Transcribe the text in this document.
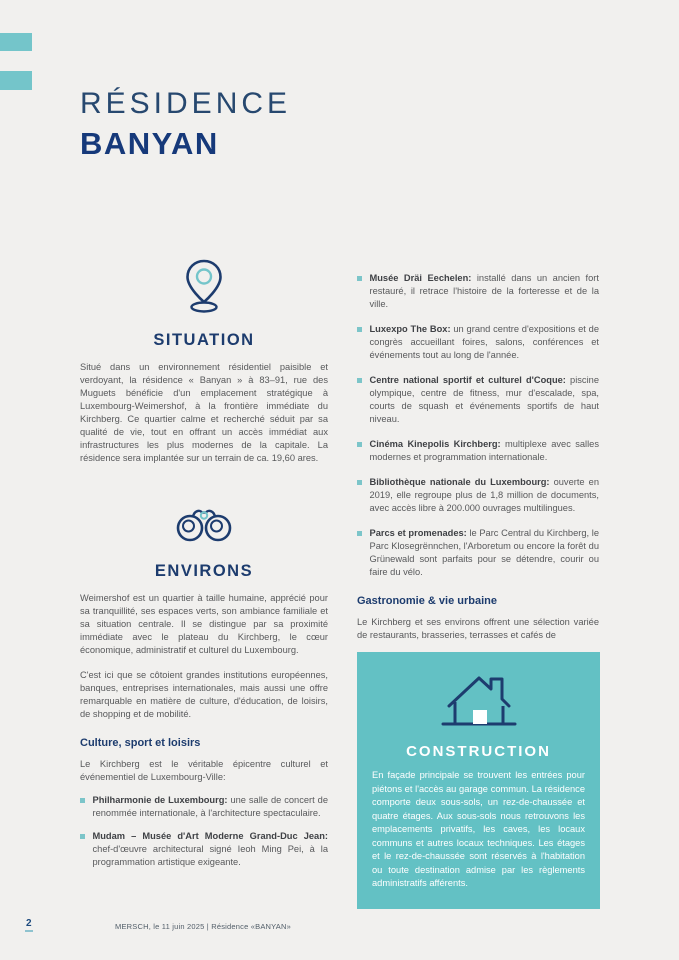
RÉSIDENCE
BANYAN
SITUATION

Situé dans un environnement résidentiel paisible et verdoyant, la résidence « Banyan » à 83–91, rue des Muguets bénéficie d'un emplacement stratégique à Luxembourg-Weimershof, à la frontière immédiate du Kirchberg. Ce quartier calme et recherché séduit par sa qualité de vie, tout en offrant un accès immédiat aux infrastructures les plus modernes de la capitale. La résidence sera implantée sur un terrain de ca. 19,60 ares.

ENVIRONS

Weimershof est un quartier à taille humaine, apprécié pour sa tranquillité, ses espaces verts, son ambiance familiale et sa situation centrale. Il se distingue par sa proximité immédiate avec le plateau du Kirchberg, le cœur économique, administratif et culturel du Luxembourg.

C'est ici que se côtoient grandes institutions européennes, banques, entreprises internationales, mais aussi une offre remarquable en matière de culture, d'éducation, de loisirs, de shopping et de mobilité.

Culture, sport et loisirs

Le Kirchberg est le véritable épicentre culturel et événementiel de Luxembourg-Ville:

Philharmonie de Luxembourg: une salle de concert de renommée internationale, à l'architecture spectaculaire.

Mudam – Musée d'Art Moderne Grand-Duc Jean: chef-d'œuvre architectural signé Ieoh Ming Pei, à la programmation artistique exigeante.

Musée Dräi Eechelen: installé dans un ancien fort restauré, il retrace l'histoire de la forteresse et de la ville.

Luxexpo The Box: un grand centre d'expositions et de congrès accueillant foires, salons, conférences et événements tout au long de l'année.

Centre national sportif et culturel d'Coque: piscine olympique, centre de fitness, mur d'escalade, spa, courts de squash et événements sportifs de haut niveau.

Cinéma Kinepolis Kirchberg: multiplexe avec salles modernes et programmation internationale.

Bibliothèque nationale du Luxembourg: ouverte en 2019, elle regroupe plus de 1,8 million de documents, avec accès libre à 200.000 ouvrages multilingues.

Parcs et promenades: le Parc Central du Kirchberg, le Parc Klosegrënnchen, l'Arboretum ou encore la forêt du Grünewald sont parfaits pour se détendre, courir ou faire du vélo.

Gastronomie & vie urbaine

Le Kirchberg et ses environs offrent une sélection variée de restaurants, brasseries, terrasses et cafés de

CONSTRUCTION

En façade principale se trouvent les entrées pour piétons et l'accès au garage commun. La résidence comporte deux sous-sols, un rez-de-chaussée et quatre étages. Aux sous-sols nous retrouvons les emplacements privatifs, les caves, les locaux communs et autres locaux techniques. Les étages et le rez-de-chaussée sont réservés à l'habitation ou toute destination admise par les règlements administratifs afférents.

2	MERSCH, le 11 juin 2025 | Résidence «BANYAN»
